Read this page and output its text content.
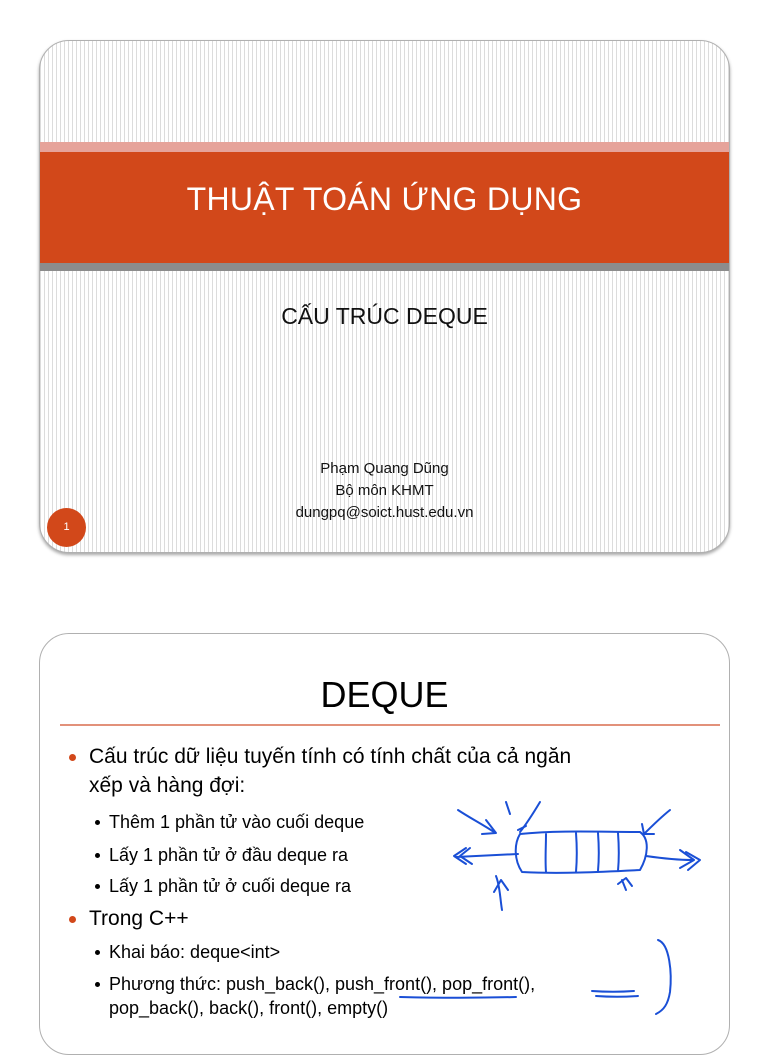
THUẬT TOÁN ỨNG DỤNG
CẤU TRÚC DEQUE
Phạm Quang Dũng
Bộ môn KHMT
dungpq@soict.hust.edu.vn
1
DEQUE
Cấu trúc dữ liệu tuyến tính có tính chất của cả ngăn
xếp và hàng đợi:
Thêm 1 phần tử vào cuối deque
Lấy 1 phần tử ở đầu deque ra
Lấy 1 phần tử ở cuối deque ra
Trong C++
Khai báo: deque<int>
Phương thức: push_back(), push_front(), pop_front(),
pop_back(), back(), front(), empty()
